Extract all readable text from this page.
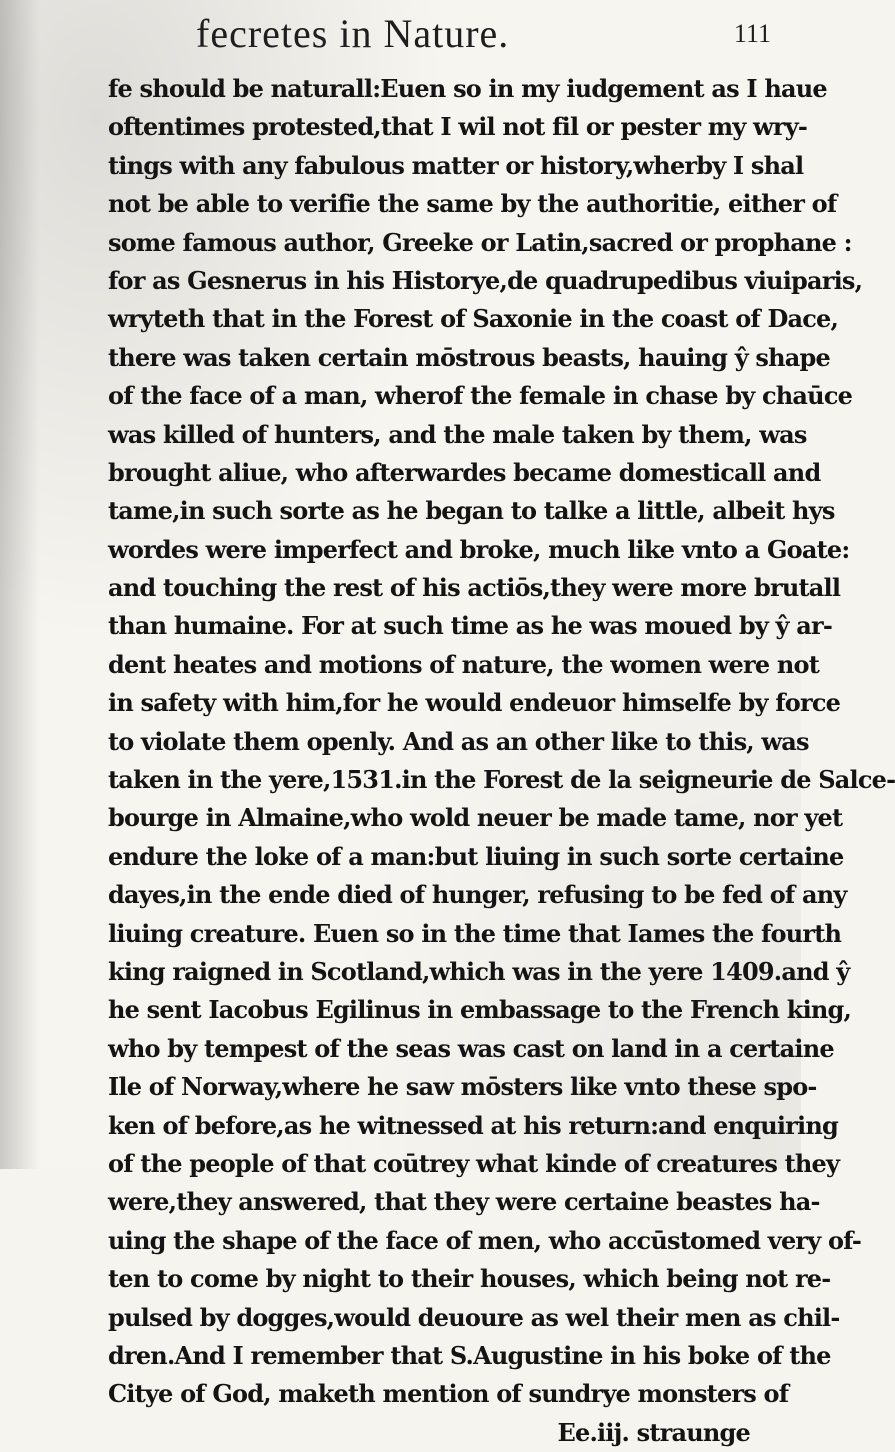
fecretes in Nature.	111
fe should be naturall:Euen so in my iudgement as I haue
oftentimes protested,that I wil not fil or pester my wry-
tings with any fabulous matter or history,wherby I shal
not be able to verifie the same by the authoritie, either of
some famous author, Greeke or Latin,sacred or prophane :
for as Gesnerus in his Historye,de quadrupedibus viuiparis,
wryteth that in the Forest of Saxonie in the coast of Dace,
there was taken certain mōstrous beasts, hauing ŷ shape
of the face of a man, wherof the female in chase by chaūce
was killed of hunters, and the male taken by them, was
brought aliue, who afterwardes became domesticall and
tame,in such sorte as he began to talke a little, albeit hys
wordes were imperfect and broke, much like vnto a Goate:
and touching the rest of his actiōs,they were more brutall
than humaine. For at such time as he was moued by ŷ ar-
dent heates and motions of nature, the women were not
in safety with him,for he would endeuor himselfe by force
to violate them openly. And as an other like to this, was
taken in the yere,1531.in the Forest de la seigneurie de Salce-
bourge in Almaine,who wold neuer be made tame, nor yet
endure the loke of a man:but liuing in such sorte certaine
dayes,in the ende died of hunger, refusing to be fed of any
liuing creature. Euen so in the time that Iames the fourth
king raigned in Scotland,which was in the yere 1409.and ŷ
he sent Iacobus Egilinus in embassage to the French king,
who by tempest of the seas was cast on land in a certaine
Ile of Norway,where he saw mōsters like vnto these spo-
ken of before,as he witnessed at his return:and enquiring
of the people of that coūtrey what kinde of creatures they
were,they answered, that they were certaine beastes ha-
uing the shape of the face of men, who accūstomed very of-
ten to come by night to their houses, which being not re-
pulsed by dogges,would deuoure as wel their men as chil-
dren.And I remember that S.Augustine in his boke of the
Citye of God, maketh mention of sundrye monsters of
Ee.iij. straunge
